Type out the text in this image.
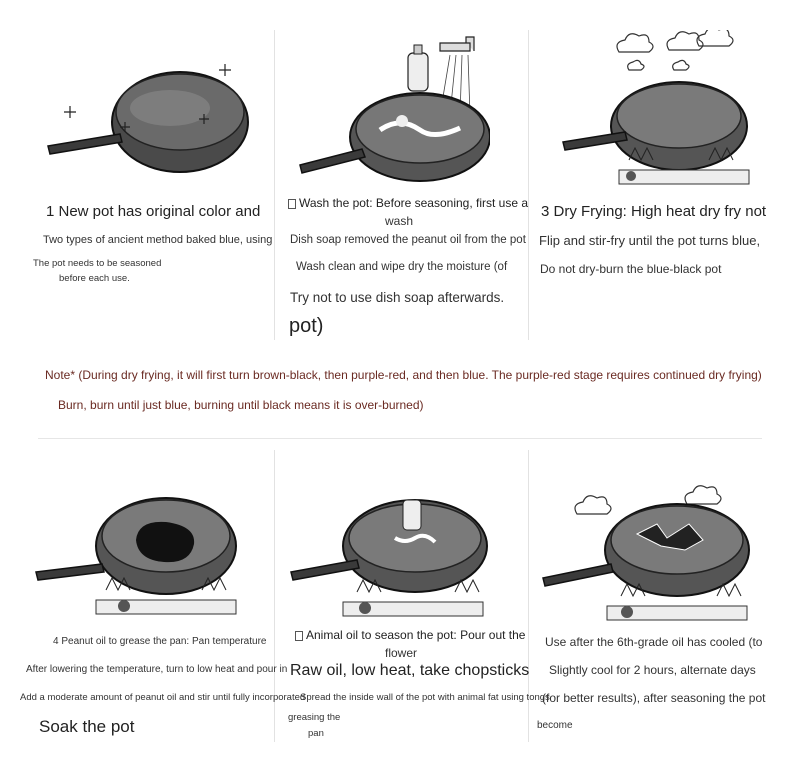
1 New pot has original color and
Two types of ancient method baked blue, using
The pot needs to be seasoned
before each use.
Wash the pot: Before seasoning, first use a
wash
Dish soap removed the peanut oil from the pot
Wash clean and wipe dry the moisture (of
Try not to use dish soap afterwards.
pot)
3 Dry Frying: High heat dry fry not
Flip and stir-fry until the pot turns blue,
Do not dry-burn the blue-black pot
Note* (During dry frying, it will first turn brown-black, then purple-red, and then blue. The purple-red stage requires continued dry frying)
Burn, burn until just blue, burning until black means it is over-burned)
4 Peanut oil to grease the pan: Pan temperature
After lowering the temperature, turn to low heat and pour in
Add a moderate amount of peanut oil and stir until fully incorporated
Soak the pot
Animal oil to season the pot: Pour out the
flower
Raw oil, low heat, take chopsticks
Spread the inside wall of the pot with animal fat using tongs
greasing the
pan
Use after the 6th-grade oil has cooled (to
Slightly cool for 2 hours, alternate days
(for better results), after seasoning the pot
become
